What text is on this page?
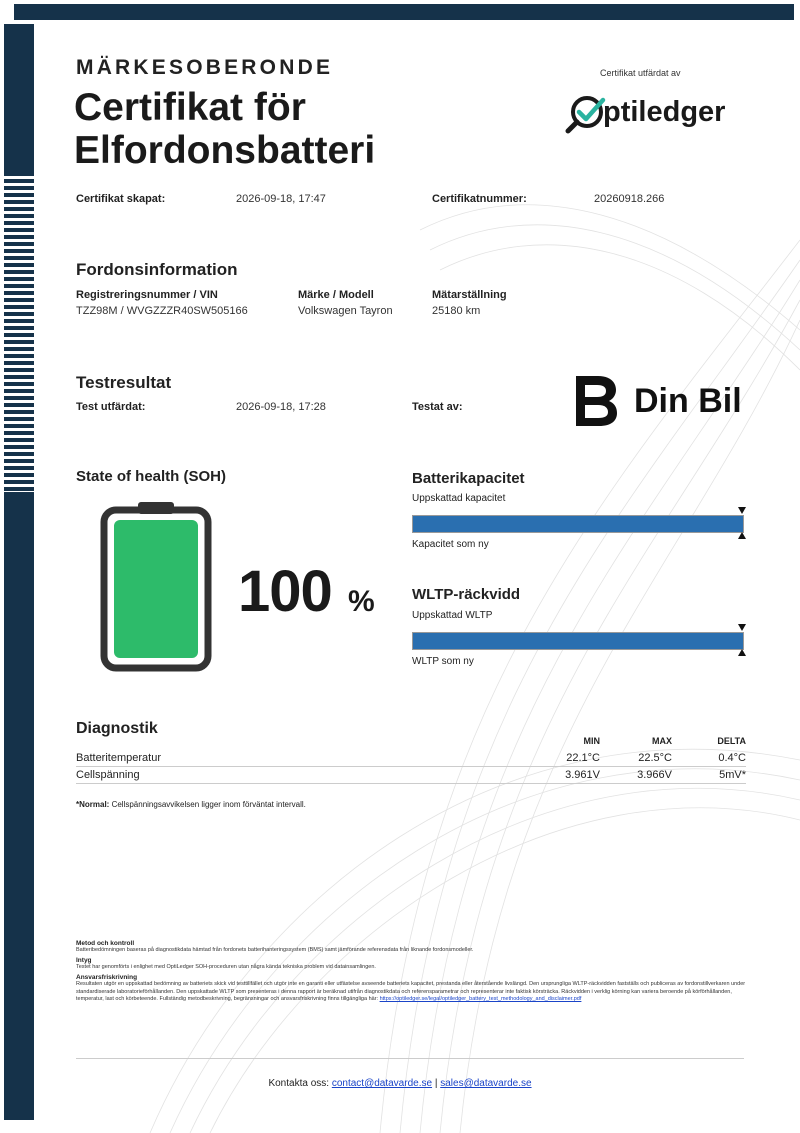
MÄRKESOBERONDE
Certifikat för
Elfordonsbatteri
Certifikat utfärdat av
ptiledger
Certifikat skapat:	2026-09-18, 17:47	Certifikatnummer:	20260918.266
Fordonsinformation
Registreringsnummer / VIN
TZZ98M / WVGZZZR40SW505166
Märke / Modell
Volkswagen Tayron
Mätarställning
25180 km
Testresultat
Test utfärdat:	2026-09-18, 17:28	Testat av:	Din Bil
State of health (SOH)
100 %
Batterikapacitet
Uppskattad kapacitet
Kapacitet som ny
WLTP-räckvidd
Uppskattad WLTP
WLTP som ny
Diagnostik
	MIN	MAX	DELTA
Batteritemperatur	22.1°C	22.5°C	0.4°C
Cellspänning	3.961V	3.966V	5mV*
*Normal: Cellspänningsavvikelsen ligger inom förväntat intervall.
Metod och kontroll
Batteribedömningen baseras på diagnostikdata hämtad från fordonets batterihanteringssystem (BMS) samt jämförande referensdata från liknande fordonsmodeller.
Intyg
Testet har genomförts i enlighet med OptiLedger SOH-proceduren utan några kända tekniska problem vid datainsamlingen.
Ansvarsfriskrivning
Resultaten utgör en uppskattad bedömning av batteriets skick vid testtillfället och utgör inte en garanti eller utfästelse avseende batteriets kapacitet, prestanda eller återstående livslängd. Den ursprungliga WLTP-räckvidden fastställs och publiceras av fordonstillverkaren under standardiserade laboratorieförhållanden. Den uppskattade WLTP som presenteras i denna rapport är beräknad utifrån diagnostikdata och referensparametrar och representerar inte faktisk körsträcka. Räckvidden i verklig körning kan variera beroende på körförhållanden, temperatur, last och körbeteende. Fullständig metodbeskrivning, begränsningar och ansvarsfriskrivning finns tillgängliga här: https://optiledger.se/legal/optiledger_battery_test_methodology_and_disclaimer.pdf
Kontakta oss: contact@datavarde.se | sales@datavarde.se
